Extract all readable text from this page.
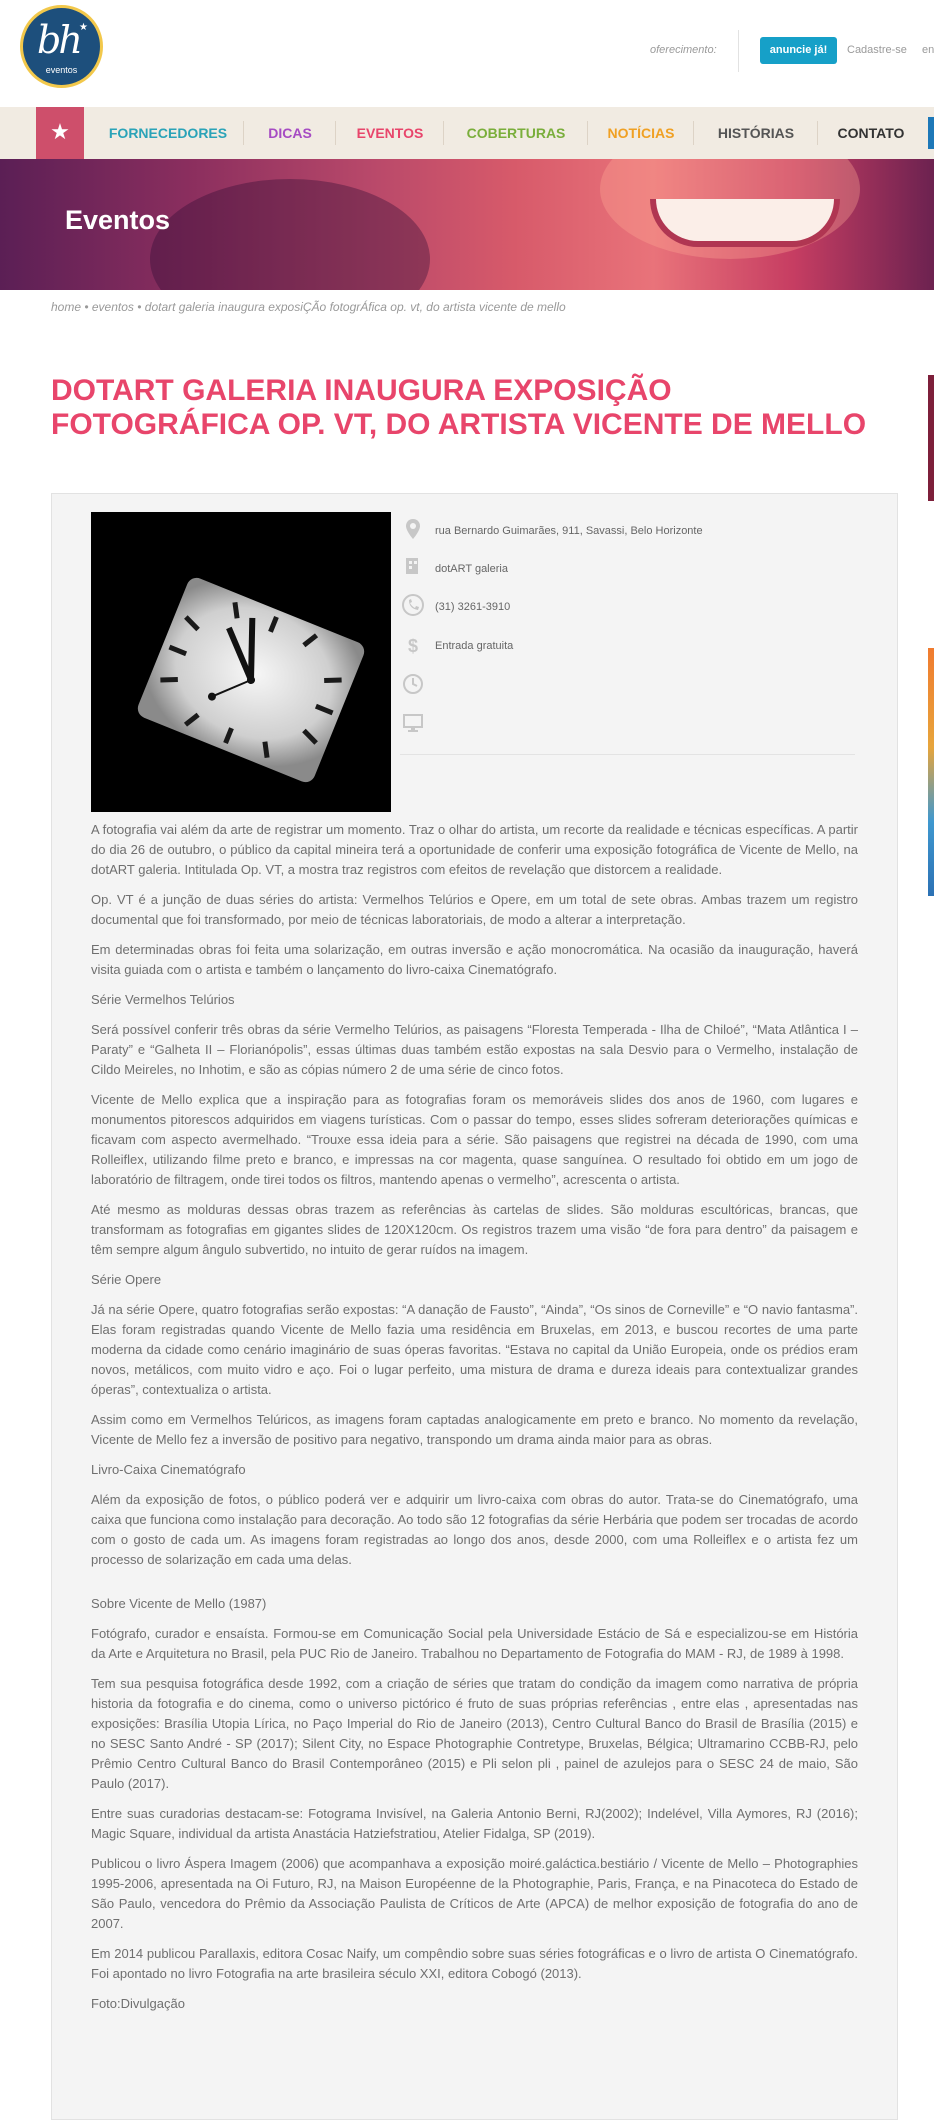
bh ★
eventos
oferecimento:	anuncie já!	Cadastre-se en
★	FORNECEDORES	DICAS	EVENTOS	COBERTURAS	NOTÍCIAS	HISTÓRIAS	CONTATO
Eventos
home • eventos • dotart galeria inaugura exposiÇÃo fotogrÁfica op. vt, do artista vicente de mello
DOTART GALERIA INAUGURA EXPOSIÇÃO FOTOGRÁFICA OP. VT, DO ARTISTA VICENTE DE MELLO
rua Bernardo Guimarães, 911, Savassi, Belo Horizonte
dotART galeria
(31) 3261-3910
$	Entrada gratuita

A fotografia vai além da arte de registrar um momento. Traz o olhar do artista, um recorte da realidade e técnicas específicas. A partir do dia 26 de outubro, o público da capital mineira terá a oportunidade de conferir uma exposição fotográfica de Vicente de Mello, na dotART galeria. Intitulada Op. VT, a mostra traz registros com efeitos de revelação que distorcem a realidade.

Op. VT é a junção de duas séries do artista: Vermelhos Telúrios e Opere, em um total de sete obras. Ambas trazem um registro documental que foi transformado, por meio de técnicas laboratoriais, de modo a alterar a interpretação.

Em determinadas obras foi feita uma solarização, em outras inversão e ação monocromática. Na ocasião da inauguração, haverá visita guiada com o artista e também o lançamento do livro-caixa Cinematógrafo.

Série Vermelhos Telúrios

Será possível conferir três obras da série Vermelho Telúrios, as paisagens “Floresta Temperada - Ilha de Chiloé”, “Mata Atlântica I – Paraty” e “Galheta II – Florianópolis”, essas últimas duas também estão expostas na sala Desvio para o Vermelho, instalação de Cildo Meireles, no Inhotim, e são as cópias número 2 de uma série de cinco fotos.

Vicente de Mello explica que a inspiração para as fotografias foram os memoráveis slides dos anos de 1960, com lugares e monumentos pitorescos adquiridos em viagens turísticas. Com o passar do tempo, esses slides sofreram deteriorações químicas e ficavam com aspecto avermelhado. “Trouxe essa ideia para a série. São paisagens que registrei na década de 1990, com uma Rolleiflex, utilizando filme preto e branco, e impressas na cor magenta, quase sanguínea. O resultado foi obtido em um jogo de laboratório de filtragem, onde tirei todos os filtros, mantendo apenas o vermelho”, acrescenta o artista.

Até mesmo as molduras dessas obras trazem as referências às cartelas de slides. São molduras escultóricas, brancas, que transformam as fotografias em gigantes slides de 120X120cm. Os registros trazem uma visão “de fora para dentro” da paisagem e têm sempre algum ângulo subvertido, no intuito de gerar ruídos na imagem.

Série Opere

Já na série Opere, quatro fotografias serão expostas: “A danação de Fausto”, “Ainda”, “Os sinos de Corneville” e “O navio fantasma”. Elas foram registradas quando Vicente de Mello fazia uma residência em Bruxelas, em 2013, e buscou recortes de uma parte moderna da cidade como cenário imaginário de suas óperas favoritas. “Estava no capital da União Europeia, onde os prédios eram novos, metálicos, com muito vidro e aço. Foi o lugar perfeito, uma mistura de drama e dureza ideais para contextualizar grandes óperas”, contextualiza o artista.

Assim como em Vermelhos Telúricos, as imagens foram captadas analogicamente em preto e branco. No momento da revelação, Vicente de Mello fez a inversão de positivo para negativo, transpondo um drama ainda maior para as obras.

Livro-Caixa Cinematógrafo

Além da exposição de fotos, o público poderá ver e adquirir um livro-caixa com obras do autor. Trata-se do Cinematógrafo, uma caixa que funciona como instalação para decoração. Ao todo são 12 fotografias da série Herbária que podem ser trocadas de acordo com o gosto de cada um. As imagens foram registradas ao longo dos anos, desde 2000, com uma Rolleiflex e o artista fez um processo de solarização em cada uma delas.

Sobre Vicente de Mello (1987)

Fotógrafo, curador e ensaísta. Formou-se em Comunicação Social pela Universidade Estácio de Sá e especializou-se em História da Arte e Arquitetura no Brasil, pela PUC Rio de Janeiro. Trabalhou no Departamento de Fotografia do MAM - RJ, de 1989 à 1998.

Tem sua pesquisa fotográfica desde 1992, com a criação de séries que tratam do condição da imagem como narrativa de própria historia da fotografia e do cinema, como o universo pictórico é fruto de suas próprias referências , entre elas , apresentadas nas exposições: Brasília Utopia Lírica, no Paço Imperial do Rio de Janeiro (2013), Centro Cultural Banco do Brasil de Brasília (2015) e no SESC Santo André - SP (2017); Silent City, no Espace Photographie Contretype, Bruxelas, Bélgica; Ultramarino CCBB-RJ, pelo Prêmio Centro Cultural Banco do Brasil Contemporâneo (2015) e Pli selon pli , painel de azulejos para o SESC 24 de maio, São Paulo (2017).

Entre suas curadorias destacam-se: Fotograma Invisível, na Galeria Antonio Berni, RJ(2002); Indelével, Villa Aymores, RJ (2016); Magic Square, individual da artista Anastácia Hatziefstratiou, Atelier Fidalga, SP (2019).

Publicou o livro Áspera Imagem (2006) que acompanhava a exposição moiré.galáctica.bestiário / Vicente de Mello – Photographies 1995-2006, apresentada na Oi Futuro, RJ, na Maison Européenne de la Photographie, Paris, França, e na Pinacoteca do Estado de São Paulo, vencedora do Prêmio da Associação Paulista de Críticos de Arte (APCA) de melhor exposição de fotografia do ano de 2007.

Em 2014 publicou Parallaxis, editora Cosac Naify, um compêndio sobre suas séries fotográficas e o livro de artista O Cinematógrafo. Foi apontado no livro Fotografia na arte brasileira século XXI, editora Cobogó (2013).

Foto:Divulgação
